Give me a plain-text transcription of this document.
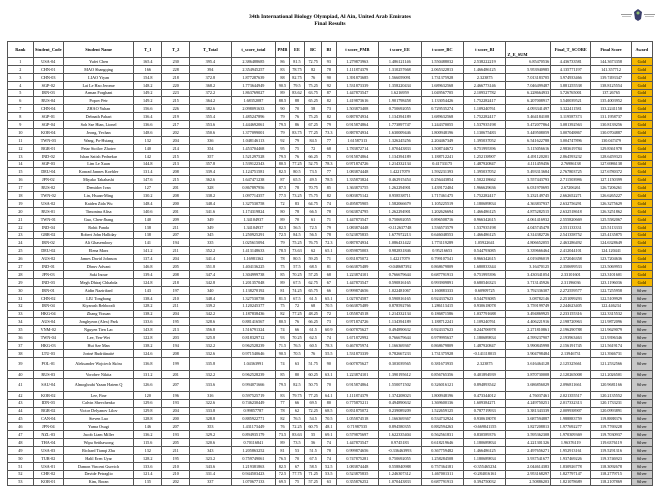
34th International Biology Olympiad, Al Ain, United Arab Emirates
Final Results
Rank	Student_Code	Student Name	T_1	T_2	T_Total	t_score_total	PMB	EE	BC	BI	t score_PMB	t score_EE	t score_BC	t score_BI	Z_E_SUM	Final_T_SCORE	Final Score	Award
1	USA-04	Yufei Chen	165.4	230	395.4	2.386488685	86	81.5	72.75	93	1.279873963	1.486121146	1.550488032	2.538222219	6.85470536	4.436733581	144.3673358	Gold
2	CHN-01	MAO Shangqing	166	228	394	2.354945257	83	78.75	82	78	1.111874379	1.310257668	2.065322813	1.466486125	5.953940985	4.135771197	141.357712	Gold
3	CHN-03	LIAO Yiyan	154.8	218	372.8	1.877287639	88	82.75	76	90	1.391873685	1.566059091	1.731375928	2.323875	7.013183705	3.974933466	139.7493347	Gold
4	SGP-02	Lai Le Hao Jerome	148.2	220	368.2	1.773644949	90.5	79.5	75.25	92	1.531873339	1.358220434	1.689632568	2.466773146	7.046499487	3.881255538	138.8125554	Gold
5	IRN-03	Arman Forghani	149.2	223	372.2	1.863769027	89	83.62	63.75	87	1.447873547	1.6216959	1.049567705	2.109527782	6.228664933	3.726765001	137.26765	Gold
6	RUS-04	Popov Petr	149.2	215	364.2	1.68352087	88.5	88	65.25	82	1.419873616	1.901798458	1.133054426	1.752282417	6.207008917	3.540039521	135.4003952	Gold
7	CHN-04	ZHAO Yuhan	156.6	226	382.6	2.098091633	90	70	58	73	1.503873408	0.750692055	0.729535274	1.109240761	4.093341497	3.322411581	133.2241158	Gold
8	SGP-01	Debnath Pahari	136.4	219	355.4	1.485247896	79	76	75.25	82	0.887874934	1.134394189	1.689632568	1.752282417	5.464184108	3.119587373	131.1958737	Gold
9	SGP-04	Soh Sze Hian, Lionel	136.6	217	353.6	1.444692061	79.5	86	67.25	79	0.915874864	1.773897747	1.244370055	1.537935198	5.472077864	3.081392563	130.8139256	Gold
10	KOR-04	Jeong, Yechan	148.6	202	350.6	1.377099001	79	83.75	77.25	73.3	0.887874934	1.630009446	1.800948196	1.130675483	5.449508059	3.007048867	130.0704887	Gold
11	TWN-03	Wang, Po-Hsiang	132	204	336	1.048146113	92	79	84.5	77	1.61587313	1.326245256	2.204467349	1.395037052	6.541622788	3.004747896	130.047479	Gold
12	BGR-01	Petar Stoilov Zhotev	140	214	354	1.453704468	95	75	72	68	1.783872714	1.070443833	1.508744672	0.751995396	5.115056616	2.983619784	129.8361978	Gold
13	IND-02	Ishan Satish Pednekar	142	215	357	1.521297528	79.5	76	66.25	75	0.915874864	1.134394189	1.188712241	1.252138907	4.491120201	2.864593232	128.6459323	Gold
14	SGP-03	Lim Le Xuan	144.8	213	357.8	1.539122343	80.5	77.25	52.75	78.3	0.971874726	1.214332134	0.41733175	1.487920847	4.111459456	2.76986138	127.6986138	Gold
15	DEU-04	Konrad Jannes Koehler	131.4	208	339.4	1.124751581	82.5	80.5	73.5	77	1.083874448	1.42217079	1.592231393	1.395037052	5.493313684	2.767803725	127.6780372	Gold
16	JPN-02	Miyako Takahashi	147.6	215	362.6	1.647471238	87	65.5	49.5	78.5	1.335873824	0.462915454	0.256443854	1.502218662	3.557443793	2.711503986	127.1150399	Gold
17	RUS-02	Demidov Ivan	127	201	328	0.867897956	87.5	78	70.75	85	1.363873755	1.262294901	1.439172404	1.966629636	6.031970695	2.67206261	126.7206261	Gold
18	TWN-02	Lin, Hsuan-Ming	130.2	208	338.2	1.097714357	77.5	73.25	75.75	82	0.803875142	0.958538711	1.717461475	1.752282417	5.232149745	2.662652271	126.6265227	Gold
19	USA-02	Kaiden Zida Wu	148.4	200	348.4	1.327530758	72	83	64.75	74	0.495875905	1.582066679	1.105225519	1.180689834	4.363837937	2.632756291	126.3275629	Gold
20	RUS-01	Timonina Alisa	140.6	201	341.6	1.174319824	80	78	66.5	78	0.943874795	1.262294901	1.202626694	1.466486125	4.875282515	2.632518618	126.3251862	Gold
21	TWN-01	Guo, Chen-Jhang	140	209	349	1.34104937	89	70	61	71	1.447873547	0.750692055	0.896508716	0.966342615	4.061416932	2.555820669	125.5582067	Gold
22	IND-04	Rohit Panda	138	211	349	1.34104937	82.5	56.5	72.5	79	1.083874448	-0.112637748	1.536573579	1.537935198	4.045745478	2.551133331	125.5113333	Gold
23	GBR-02	Robert John Halliday	138	207	345	1.250925291	72.5	84.5	56.5	78	0.523875835	1.677972213	0.646048553	1.466486125	4.314382726	2.541358752	125.4135875	Gold
24	IRN-02	Ali Ghasemlooy	141	194	335	1.025615094	79	75.25	76.75	72.3	0.887874934	1.086431422	1.773119289	1.05922641	4.806652055	2.463286492	124.6328649	Gold
25	DEU-02	Elena Marx	141.2	211	352.2	1.413148633	78.5	73.63	62	65.1	0.859875003	0.982831846	0.95216653	0.544793085	3.339666464	2.412044101	124.120441	Gold
26	AUS-02	James David Johnson	137.4	204	341.4	1.16981362	78	80.5	59.25	71	0.831875072	1.42217079	0.799107541	0.966342615	4.019496019	2.372046358	123.7204636	Gold
27	IND-01	Dhruv Advani	146.8	205	351.8	1.404136225	75	57.5	68.5	81	0.663875489	-0.048687392	0.868679809	1.680833344	3.16470125	2.350699533	123.5069953	Gold
28	JPN-03	Saki Inoue	139.4	208	347.4	1.304999738	85	70.25	57.25	68	1.223874101	0.766679644	0.687791913	0.751995396	3.430341054	2.33101601	123.3101601	Gold
29	IND-03	Megh Dhiraj Chhabda	124.8	218	342.8	1.201357048	89	67.5	62.75	67	1.447873547	0.590816165	0.993909891	0.680546323	3.713145926	2.31196036	123.1196036	Gold
30	IRN-01	Aidin Nazirifard	143	197	340	1.138270192	81	74.25	65.75	66	0.999874656	1.022481067	1.160883333	0.60909725	3.792336307	2.272559577	122.7255958	Silver
31	CHN-02	LIU Tongbang	138.4	210	348.4	1.327530758	81.5	67.5	61.5	65.1	1.027874587	0.590816165	0.924337623	0.544793085	3.08782146	2.251099293	122.5109929	Silver
32	IRN-04	Kiyarash Behboodi	128.2	211	339.2	1.120245377	75	72	68	70.5	0.663875489	0.878592766	1.286113415	0.930618078	3.759199749	2.244623405	122.446234	Silver
33	HKG-04	Zhang Yixuan	138.2	204	342.2	1.187838436	82	77.25	48.25	72	1.055874518	1.214332134	0.186871586	1.037791688	3.494869925	2.233155316	122.3315532	Silver
34	AUS-04	Jonghyeon (Alex) Park	133.6	195	328.6	0.881416567	80.5	76	66.25	73	0.971874726	1.134394189	1.188712241	1.109240761	4.406221916	2.198720963	121.9872096	Silver
35	VNM-02	Nguyen Tien Lac	143.8	213	356.8	1.516791324	74	66	61.5	60.9	0.607875627	0.494890632	0.924337623	0.244706978	2.271810861	2.196290788	121.9629079	Silver
36	TWN-04	Lee, Yen-Wei	122.8	203	325.8	0.818329712	93	70.25	62.5	74	1.671872992	0.766679644	0.979995637	1.180689834	4.599237907	2.193963463	121.9396346	Silver
37	HKG-03	Hui Sze Man	138.2	194	332.2	0.962528239	71.5	76.5	60.5	78.3	0.467875974	1.166369367	0.868679809	1.487920847	3.990845998	2.156191745	121.5619174	Silver
38	LTU-03	Jorinė Budriūnaitė	124.6	208	332.6	0.971540646	90.5	70.5	76	55.5	1.531873339	0.782667233	1.731375928	-0.141118015	3.904798484	2.13946731	121.3946731	Silver
39	POL-01	Aleksander Wojciech Skóra	136.8	199	335.8	1.04363991	74	63	51.75	90	0.607875627	0.303039565	0.381673935	2.323875	3.616464128	2.125325661	121.2532566	Silver
40	RUS-03	Vorobev Nikita	131.2	201	332.2	0.962528239	85	80	60.25	63.1	1.223874101	1.390195612	0.856765356	0.401894939	3.870730008	2.120265008	121.2026501	Silver
41	SAU-04	Almoghrabi Yazan Hatem Q	126.6	207	333.6	0.994071666	79.5	82.5	50.75	70	0.915874864	1.550071502	0.326016121	0.894893542	3.686856029	2.096811661	120.9681166	Silver
42	KOR-02	Lee, Fine	120	196	316	0.597525719	83	79.75	77.25	64.1	1.111874379	1.374208023	1.800948196	0.473344012	4.76037461	2.021355517	120.2135552	Silver
43	IDN-03	Calvin Shevchenko	129.6	193	322.6	0.746230449	77	66	69.5	80	0.775875211	0.494890632	1.369600136	1.609384271	4.249750251	2.017332313	120.1733231	Silver
44	BGR-02	Victor Delyanov Lilov	129.8	204	333.8	0.99857787	78	62	72.25	68.5	0.831875072	0.239089209	1.522659125	0.787719933	3.381343339	2.009938907	120.0993891	Silver
45	CAN-04	Steven Luo	128.8	200	328.8	0.885922771	82	76.5	54.5	70.5	1.055874518	1.166369367	0.534732924	0.930618078	3.687594887	1.988883759	119.8888376	Silver
46	JPN-04	Yuma Osugi	146	207	353	1.431173449	76	72.25	60.75	48.1	0.71987535	0.894580355	0.882594263	-0.669841155	1.827208813	1.977692277	119.7769228	Silver
47	NZL-03	Jacob Liam Miller	136.2	193	329.2	0.894935179	73.5	83.63	55	69.1	0.579875697	1.622335404	0.562561831	0.830589376	3.595362308	1.970309369	119.7030937	Silver
48	THA-04	Wipu Setthawong	115.6	205	320.6	0.70116841	89	73.5	56	74	1.447873547	0.9745183	0.618219646	1.180689834	4.221301326	1.96376119	119.6376119	Silver
49	USA-03	Richard Tianqi Zhu	132	211	343	1.205863252	81	53	51.5	78	0.999874656	-0.336463993	0.367759482	1.466486125	2.497656271	1.952913161	119.5291316	Silver
50	TUR-02	Halil Eren Uyar	128.2	195	323.2	0.759749061	76.5	70	67.5	74	0.747875281	0.750692055	1.258284508	1.180689834	3.937541677	1.937469226	119.3746923	Silver
51	USA-01	Damon Vincent Gurvich	133.6	210	343.6	1.219381863	82.5	67	58.5	52.5	1.083874448	0.558840988	0.757364181	-0.355465234	2.044614383	1.830926778	118.3092678	Silver
52	CHE-02	Davide Petraglio	121.4	210	331.4	0.944503423	72.5	77.75	71.25	53.5	0.523875835	1.246307312	1.467001311	-0.284016161	2.953168297	1.827797147	118.2779715	Silver
53	KOR-01	Kim, Boran	135	202	337	1.070677133	69.5	75	57.25	63	0.355876252	1.070443833	0.687791913	0.394750032	2.50886203	1.821078689	118.2107869	Silver
